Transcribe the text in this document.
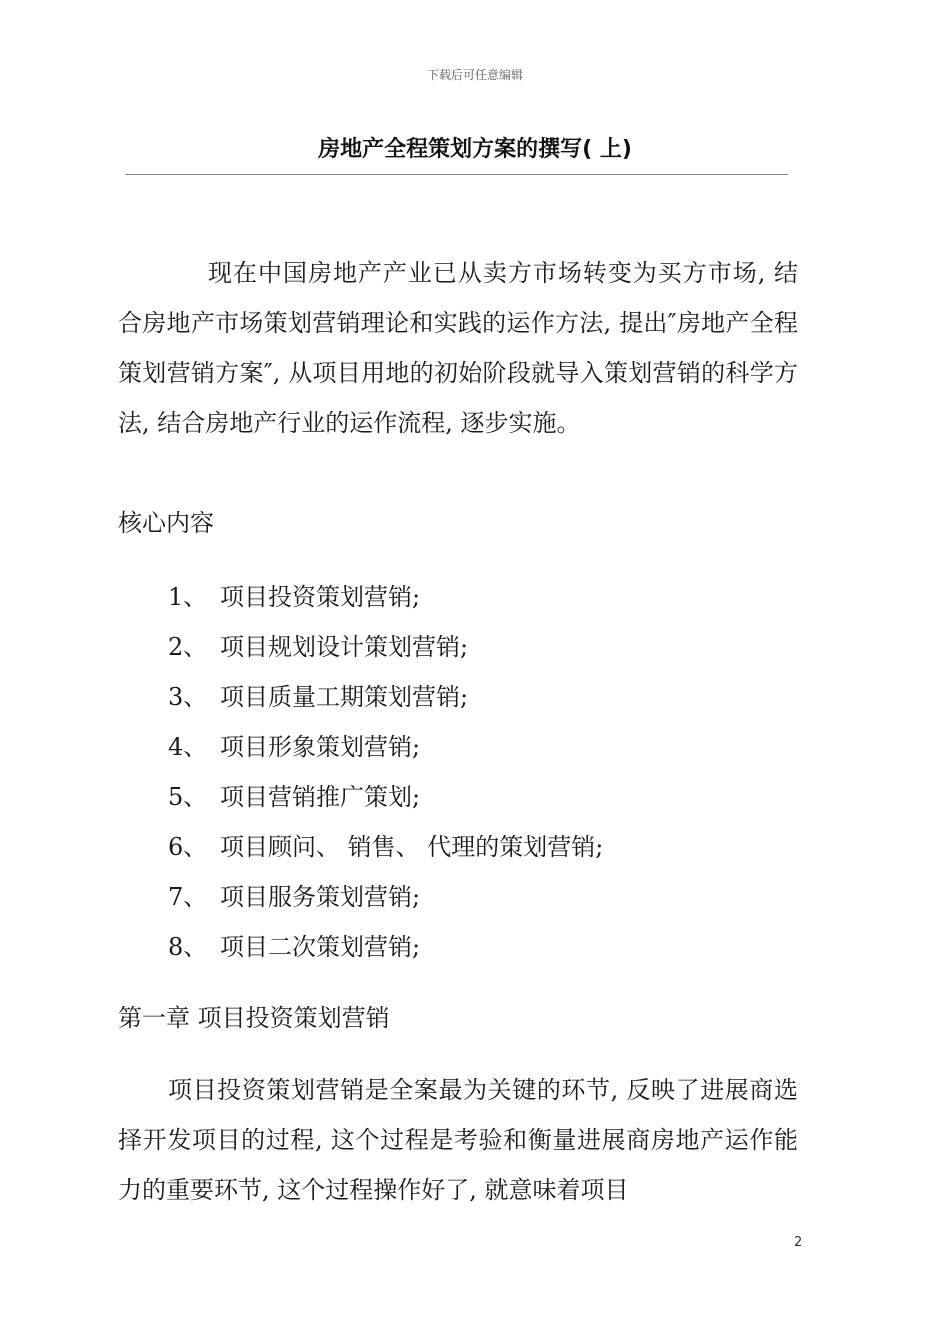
下载后可任意编辑
房地产全程策划方案的撰写( 上)

现在中国房地产产业已从卖方市场转变为买方市场, 结合房地产市场策划营销理论和实践的运作方法, 提出″房地产全程策划营销方案″, 从项目用地的初始阶段就导入策划营销的科学方法, 结合房地产行业的运作流程, 逐步实施。

核心内容

1、 项目投资策划营销;
2、 项目规划设计策划营销;
3、 项目质量工期策划营销;
4、 项目形象策划营销;
5、 项目营销推广策划;
6、 项目顾问、 销售、 代理的策划营销;
7、 项目服务策划营销;
8、 项目二次策划营销;

第一章 项目投资策划营销

项目投资策划营销是全案最为关键的环节, 反映了进展商选择开发项目的过程, 这个过程是考验和衡量进展商房地产运作能力的重要环节, 这个过程操作好了, 就意味着项目

2
